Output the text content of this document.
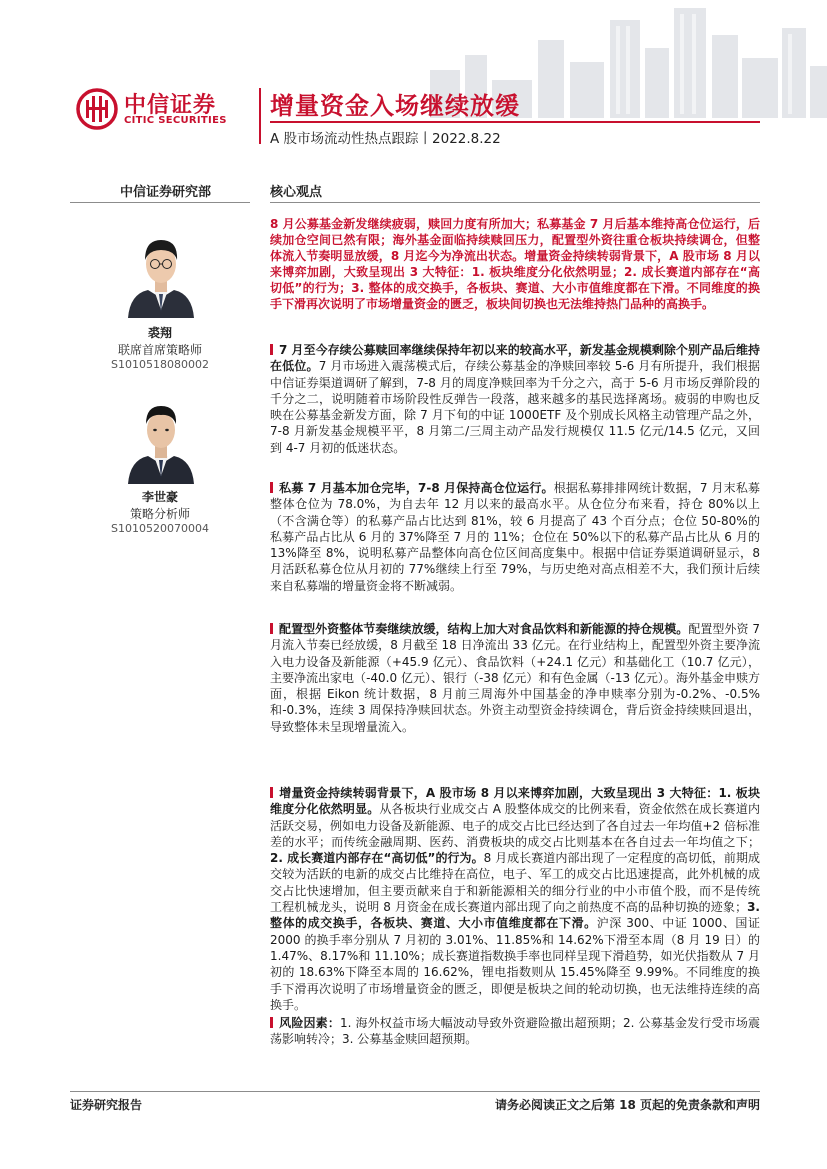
中信证券
CITIC SECURITIES
增量资金入场继续放缓
A 股市场流动性热点跟踪丨2022.8.22
中信证券研究部
裘翔
联席首席策略师
S1010518080002
李世豪
策略分析师
S1010520070004
核心观点
8 月公募基金新发继续疲弱，赎回力度有所加大；私募基金 7 月后基本维持高仓位运行，后续加仓空间已然有限；海外基金面临持续赎回压力，配置型外资往重仓板块持续调仓，但整体流入节奏明显放缓，8 月迄今为净流出状态。增量资金持续转弱背景下，A 股市场 8 月以来博弈加剧，大致呈现出 3 大特征：1. 板块维度分化依然明显；2. 成长赛道内部存在“高切低”的行为；3. 整体的成交换手，各板块、赛道、大小市值维度都在下滑。不同维度的换手下滑再次说明了市场增量资金的匮乏，板块间切换也无法维持热门品种的高换手。
7 月至今存续公募赎回率继续保持年初以来的较高水平，新发基金规模剩除个别产品后维持在低位。7 月市场进入震荡模式后，存续公募基金的净赎回率较 5-6 月有所提升，我们根据中信证券渠道调研了解到，7-8 月的周度净赎回率为千分之六，高于 5-6 月市场反弹阶段的千分之二，说明随着市场阶段性反弹告一段落，越来越多的基民选择离场。疲弱的申购也反映在公募基金新发方面，除 7 月下旬的中证 1000ETF 及个别成长风格主动管理产品之外，7-8 月新发基金规模平平，8 月第二/三周主动产品发行规模仅 11.5 亿元/14.5 亿元，又回到 4-7 月初的低迷状态。
私募 7 月基本加仓完毕，7-8 月保持高仓位运行。根据私募排排网统计数据，7 月末私募整体仓位为 78.0%，为自去年 12 月以来的最高水平。从仓位分布来看，持仓 80%以上（不含满仓等）的私募产品占比达到 81%，较 6 月提高了 43 个百分点；仓位 50-80%的私募产品占比从 6 月的 37%降至 7 月的 11%；仓位在 50%以下的私募产品占比从 6 月的 13%降至 8%，说明私募产品整体向高仓位区间高度集中。根据中信证券渠道调研显示，8 月活跃私募仓位从月初的 77%继续上行至 79%，与历史绝对高点相差不大，我们预计后续来自私募端的增量资金将不断减弱。
配置型外资整体节奏继续放缓，结构上加大对食品饮料和新能源的持仓规模。配置型外资 7 月流入节奏已经放缓，8 月截至 18 日净流出 33 亿元。在行业结构上，配置型外资主要净流入电力设备及新能源（+45.9 亿元）、食品饮料（+24.1 亿元）和基础化工（10.7 亿元），主要净流出家电（-40.0 亿元）、银行（-38 亿元）和有色金属（-13 亿元）。海外基金申赎方面，根据 Eikon 统计数据，8 月前三周海外中国基金的净申赎率分别为-0.2%、-0.5%和-0.3%，连续 3 周保持净赎回状态。外资主动型资金持续调仓，背后资金持续赎回退出，导致整体未呈现增量流入。
增量资金持续转弱背景下，A 股市场 8 月以来博弈加剧，大致呈现出 3 大特征：1. 板块维度分化依然明显。从各板块行业成交占 A 股整体成交的比例来看，资金依然在成长赛道内活跃交易，例如电力设备及新能源、电子的成交占比已经达到了各自过去一年均值+2 倍标准差的水平；而传统金融周期、医药、消费板块的成交占比则基本在各自过去一年均值之下；2. 成长赛道内部存在“高切低”的行为。8 月成长赛道内部出现了一定程度的高切低，前期成交较为活跃的电新的成交占比维持在高位，电子、军工的成交占比迅速提高，此外机械的成交占比快速增加，但主要贡献来自于和新能源相关的细分行业的中小市值个股，而不是传统工程机械龙头，说明 8 月资金在成长赛道内部出现了向之前热度不高的品种切换的迹象；3. 整体的成交换手，各板块、赛道、大小市值维度都在下滑。沪深 300、中证 1000、国证 2000 的换手率分别从 7 月初的 3.01%、11.85%和 14.62%下滑至本周（8 月 19 日）的 1.47%、8.17%和 11.10%；成长赛道指数换手率也同样呈现下滑趋势，如光伏指数从 7 月初的 18.63%下降至本周的 16.62%，锂电指数则从 15.45%降至 9.99%。不同维度的换手下滑再次说明了市场增量资金的匮乏，即便是板块之间的轮动切换，也无法维持连续的高换手。
风险因素：1. 海外权益市场大幅波动导致外资避险撤出超预期；2. 公募基金发行受市场震荡影响转冷；3. 公募基金赎回超预期。
证券研究报告	请务必阅读正文之后第 18 页起的免责条款和声明
